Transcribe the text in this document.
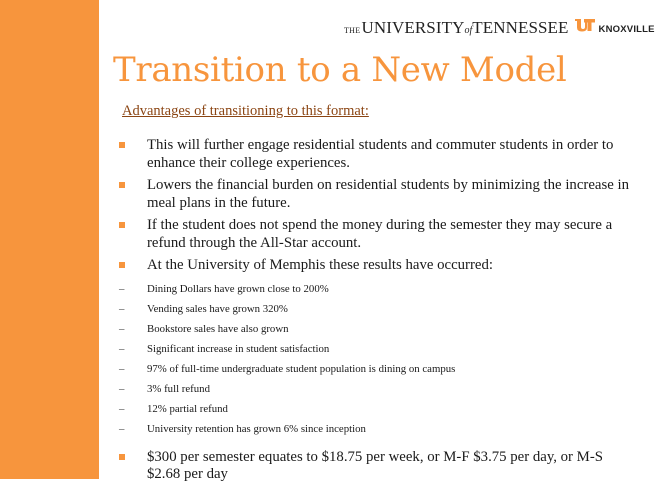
THE UNIVERSITY of TENNESSEE	KNOXVILLE
Transition to a New Model
Advantages of transitioning to this format:
This will further engage residential students and commuter students in order to enhance their college experiences.
Lowers the financial burden on residential students by minimizing the increase in meal plans in the future.
If the student does not spend the money during the semester they may secure a refund through the All-Star account.
At the University of Memphis these results have occurred:
– Dining Dollars have grown close to 200%
– Vending sales have grown 320%
– Bookstore sales have also grown
– Significant increase in student satisfaction
– 97% of full-time undergraduate student population is dining on campus
– 3% full refund
– 12% partial refund
– University retention has grown 6% since inception
$300 per semester equates to $18.75 per week, or M-F $3.75 per day, or M-S $2.68 per day
